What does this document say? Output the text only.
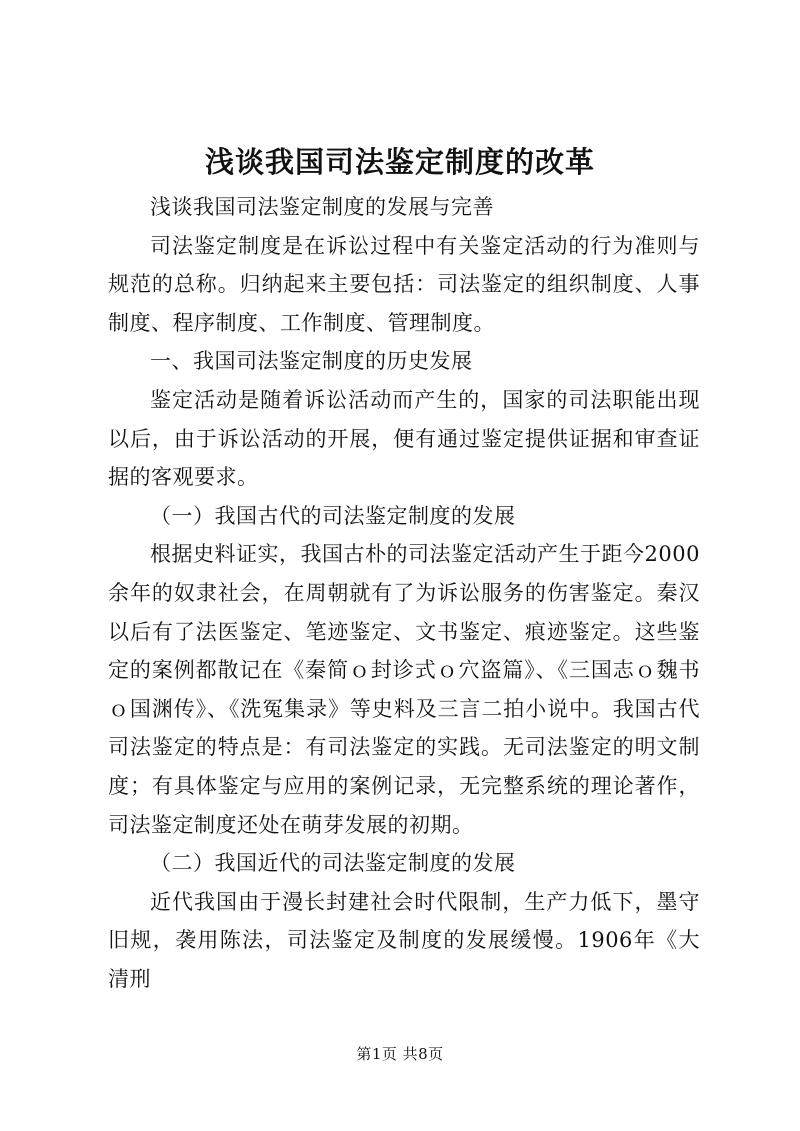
浅谈我国司法鉴定制度的改革

浅谈我国司法鉴定制度的发展与完善

司法鉴定制度是在诉讼过程中有关鉴定活动的行为准则与规范的总称。归纳起来主要包括：司法鉴定的组织制度、人事制度、程序制度、工作制度、管理制度。

一、我国司法鉴定制度的历史发展

鉴定活动是随着诉讼活动而产生的，国家的司法职能出现以后，由于诉讼活动的开展，便有通过鉴定提供证据和审查证据的客观要求。

（一）我国古代的司法鉴定制度的发展

根据史料证实，我国古朴的司法鉴定活动产生于距今2000余年的奴隶社会，在周朝就有了为诉讼服务的伤害鉴定。秦汉以后有了法医鉴定、笔迹鉴定、文书鉴定、痕迹鉴定。这些鉴定的案例都散记在《秦简ｏ封诊式ｏ穴盗篇》、《三国志ｏ魏书ｏ国渊传》、《洗冤集录》等史料及三言二拍小说中。我国古代司法鉴定的特点是：有司法鉴定的实践。无司法鉴定的明文制度；有具体鉴定与应用的案例记录，无完整系统的理论著作，司法鉴定制度还处在萌芽发展的初期。

（二）我国近代的司法鉴定制度的发展

近代我国由于漫长封建社会时代限制，生产力低下，墨守旧规，袭用陈法，司法鉴定及制度的发展缓慢。1906年《大清刑

第1页 共8页
